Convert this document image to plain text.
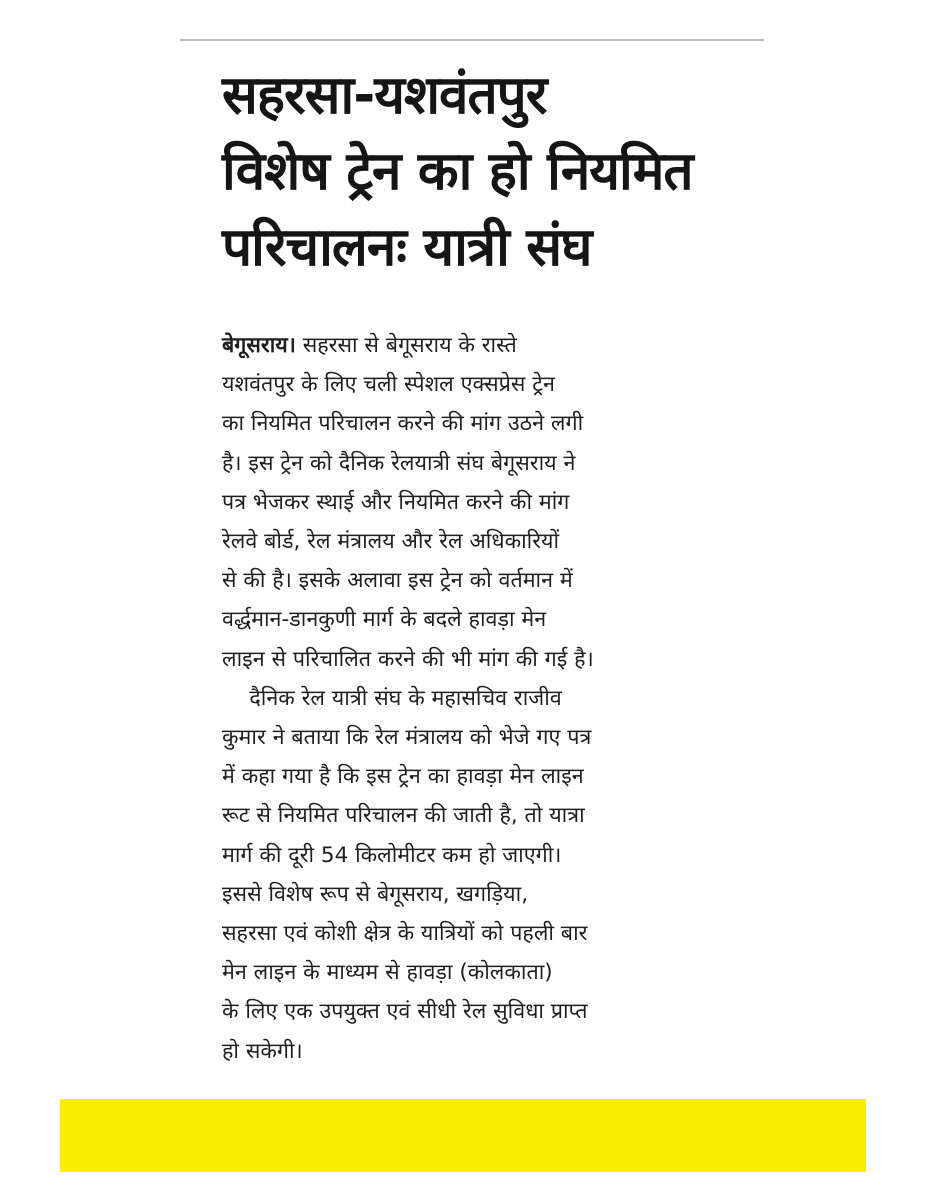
सहरसा-यशवंतपुर
विशेष ट्रेन का हो नियमित
परिचालनः यात्री संघ
बेगूसराय। सहरसा से बेगूसराय के रास्ते
यशवंतपुर के लिए चली स्पेशल एक्सप्रेस ट्रेन
का नियमित परिचालन करने की मांग उठने लगी
है। इस ट्रेन को दैनिक रेलयात्री संघ बेगूसराय ने
पत्र भेजकर स्थाई और नियमित करने की मांग
रेलवे बोर्ड, रेल मंत्रालय और रेल अधिकारियों
से की है। इसके अलावा इस ट्रेन को वर्तमान में
वर्द्धमान-डानकुणी मार्ग के बदले हावड़ा मेन
लाइन से परिचालित करने की भी मांग की गई है।
दैनिक रेल यात्री संघ के महासचिव राजीव
कुमार ने बताया कि रेल मंत्रालय को भेजे गए पत्र
में कहा गया है कि इस ट्रेन का हावड़ा मेन लाइन
रूट से नियमित परिचालन की जाती है, तो यात्रा
मार्ग की दूरी 54 किलोमीटर कम हो जाएगी।
इससे विशेष रूप से बेगूसराय, खगड़िया,
सहरसा एवं कोशी क्षेत्र के यात्रियों को पहली बार
मेन लाइन के माध्यम से हावड़ा (कोलकाता)
के लिए एक उपयुक्त एवं सीधी रेल सुविधा प्राप्त
हो सकेगी।
